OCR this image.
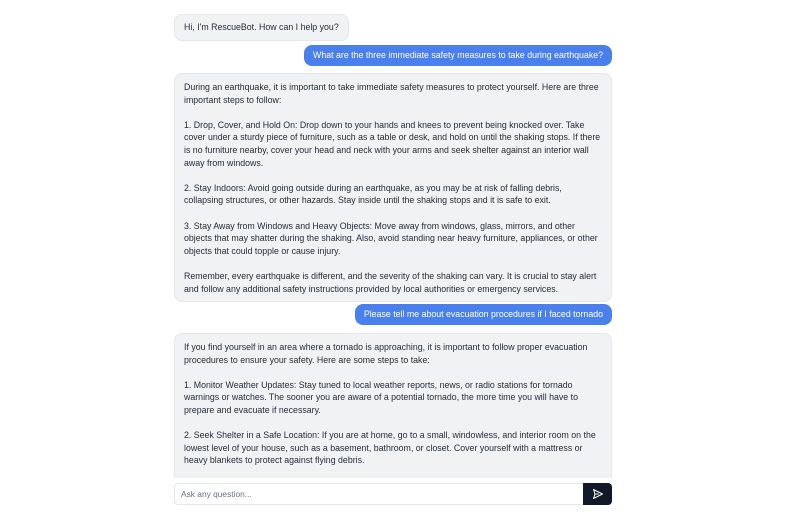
Hi, I'm RescueBot. How can I help you?
What are the three immediate safety measures to take during earthquake?

During an earthquake, it is important to take immediate safety measures to protect yourself. Here are three important steps to follow:

1. Drop, Cover, and Hold On: Drop down to your hands and knees to prevent being knocked over. Take cover under a sturdy piece of furniture, such as a table or desk, and hold on until the shaking stops. If there is no furniture nearby, cover your head and neck with your arms and seek shelter against an interior wall away from windows.

2. Stay Indoors: Avoid going outside during an earthquake, as you may be at risk of falling debris, collapsing structures, or other hazards. Stay inside until the shaking stops and it is safe to exit.

3. Stay Away from Windows and Heavy Objects: Move away from windows, glass, mirrors, and other objects that may shatter during the shaking. Also, avoid standing near heavy furniture, appliances, or other objects that could topple or cause injury.

Remember, every earthquake is different, and the severity of the shaking can vary. It is crucial to stay alert and follow any additional safety instructions provided by local authorities or emergency services.

Please tell me about evacuation procedures if I faced tornado

If you find yourself in an area where a tornado is approaching, it is important to follow proper evacuation procedures to ensure your safety. Here are some steps to take:

1. Monitor Weather Updates: Stay tuned to local weather reports, news, or radio stations for tornado warnings or watches. The sooner you are aware of a potential tornado, the more time you will have to prepare and evacuate if necessary.

2. Seek Shelter in a Safe Location: If you are at home, go to a small, windowless, and interior room on the lowest level of your house, such as a basement, bathroom, or closet. Cover yourself with a mattress or heavy blankets to protect against flying debris.

Ask any question...
